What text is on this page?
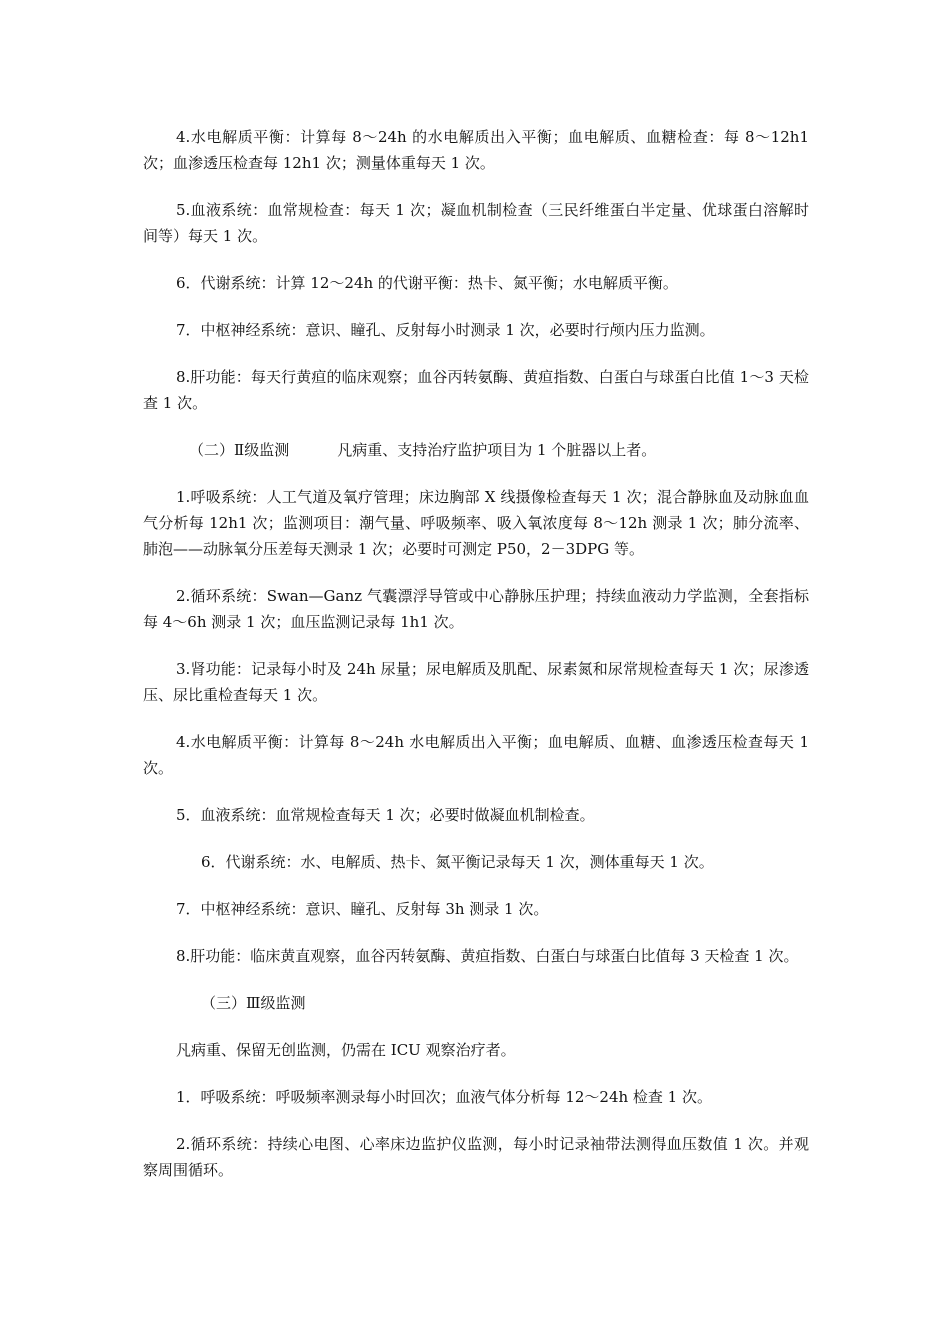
4.水电解质平衡：计算每 8～24h 的水电解质出入平衡；血电解质、血糖检查：每 8～12h1 次；血渗透压检查每 12h1 次；测量体重每天 1 次。

5.血液系统：血常规检查：每天 1 次；凝血机制检查（三民纤维蛋白半定量、优球蛋白溶解时间等）每天 1 次。

6．代谢系统：计算 12～24h 的代谢平衡：热卡、氮平衡；水电解质平衡。

7．中枢神经系统：意识、瞳孔、反射每小时测录 1 次，必要时行颅内压力监测。

8.肝功能：每天行黄疸的临床观察；血谷丙转氨酶、黄疸指数、白蛋白与球蛋白比值 1～3 天检查 1 次。

（二）Ⅱ级监测	凡病重、支持治疗监护项目为 1 个脏器以上者。

1.呼吸系统：人工气道及氧疗管理；床边胸部 X 线摄像检查每天 1 次；混合静脉血及动脉血血气分析每 12h1 次；监测项目：潮气量、呼吸频率、吸入氧浓度每 8～12h 测录 1 次；肺分流率、肺泡——动脉氧分压差每天测录 1 次；必要时可测定 P50，2－3DPG 等。

2.循环系统：Swan—Ganz 气囊漂浮导管或中心静脉压护理；持续血液动力学监测，全套指标每 4～6h 测录 1 次；血压监测记录每 1h1 次。

3.肾功能：记录每小时及 24h 尿量；尿电解质及肌配、尿素氮和尿常规检查每天 1 次；尿渗透压、尿比重检查每天 1 次。

4.水电解质平衡：计算每 8～24h 水电解质出入平衡；血电解质、血糖、血渗透压检查每天 1 次。

5．血液系统：血常规检查每天 1 次；必要时做凝血机制检查。

6．代谢系统：水、电解质、热卡、氮平衡记录每天 1 次，测体重每天 1 次。

7．中枢神经系统：意识、瞳孔、反射每 3h 测录 1 次。

8.肝功能：临床黄直观察，血谷丙转氨酶、黄疸指数、白蛋白与球蛋白比值每 3 天检查 1 次。

（三）Ⅲ级监测

凡病重、保留无创监测，仍需在 ICU 观察治疗者。

1．呼吸系统：呼吸频率测录每小时回次；血液气体分析每 12～24h 检查 1 次。

2.循环系统：持续心电图、心率床边监护仪监测，每小时记录袖带法测得血压数值 1 次。并观察周围循环。
